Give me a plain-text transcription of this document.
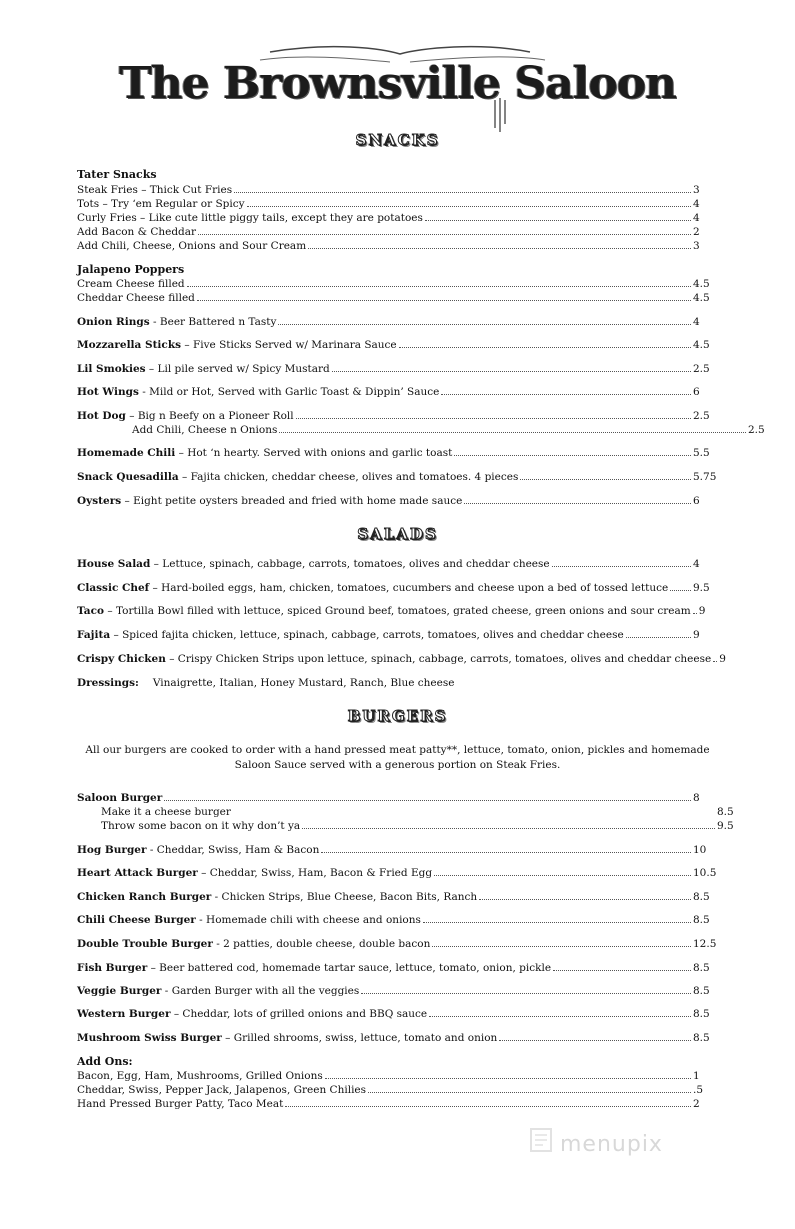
The Brownsville Saloon
SNACKS
Tater Snacks
Steak Fries – Thick Cut Fries	3
Tots – Try ‘em Regular or Spicy	4
Curly Fries – Like cute little piggy tails, except they are potatoes	4
Add Bacon & Cheddar	2
Add Chili, Cheese, Onions and Sour Cream	3
Jalapeno Poppers
Cream Cheese filled	4.5
Cheddar Cheese filled	4.5
Onion Rings - Beer Battered n Tasty	4
Mozzarella Sticks – Five Sticks Served w/ Marinara Sauce	4.5
Lil Smokies – Lil pile served w/ Spicy Mustard	2.5
Hot Wings - Mild or Hot, Served with Garlic Toast & Dippin’ Sauce	6
Hot Dog – Big n Beefy on a Pioneer Roll	2.5
Add Chili, Cheese n Onions	2.5
Homemade Chili – Hot ‘n hearty. Served with onions and garlic toast	5.5
Snack Quesadilla – Fajita chicken, cheddar cheese, olives and tomatoes. 4 pieces	5.75
Oysters – Eight petite oysters breaded and fried with home made sauce	6
SALADS
House Salad – Lettuce, spinach, cabbage, carrots, tomatoes, olives and cheddar cheese	4
Classic Chef – Hard-boiled eggs, ham, chicken, tomatoes, cucumbers and cheese upon a bed of tossed lettuce 9.5
Taco – Tortilla Bowl filled with lettuce, spiced Ground beef, tomatoes, grated cheese, green onions and sour cream 9
Fajita – Spiced fajita chicken, lettuce, spinach, cabbage, carrots, tomatoes, olives and cheddar cheese	9
Crispy Chicken – Crispy Chicken Strips upon lettuce, spinach, cabbage, carrots, tomatoes, olives and cheddar cheese 9
Dressings: Vinaigrette, Italian, Honey Mustard, Ranch, Blue cheese
BURGERS
All our burgers are cooked to order with a hand pressed meat patty**, lettuce, tomato, onion, pickles and homemade Saloon Sauce served with a generous portion on Steak Fries.
Saloon Burger	8
Make it a cheese burger	8.5
Throw some bacon on it why don’t ya	9.5
Hog Burger - Cheddar, Swiss, Ham & Bacon	10
Heart Attack Burger – Cheddar, Swiss, Ham, Bacon & Fried Egg	10.5
Chicken Ranch Burger - Chicken Strips, Blue Cheese, Bacon Bits, Ranch	8.5
Chili Cheese Burger - Homemade chili with cheese and onions	8.5
Double Trouble Burger - 2 patties, double cheese, double bacon	12.5
Fish Burger – Beer battered cod, homemade tartar sauce, lettuce, tomato, onion, pickle	8.5
Veggie Burger - Garden Burger with all the veggies	8.5
Western Burger – Cheddar, lots of grilled onions and BBQ sauce	8.5
Mushroom Swiss Burger – Grilled shrooms, swiss, lettuce, tomato and onion	8.5
Add Ons:
Bacon, Egg, Ham, Mushrooms, Grilled Onions	1
Cheddar, Swiss, Pepper Jack, Jalapenos, Green Chilies	.5
Hand Pressed Burger Patty, Taco Meat	2
menupix
